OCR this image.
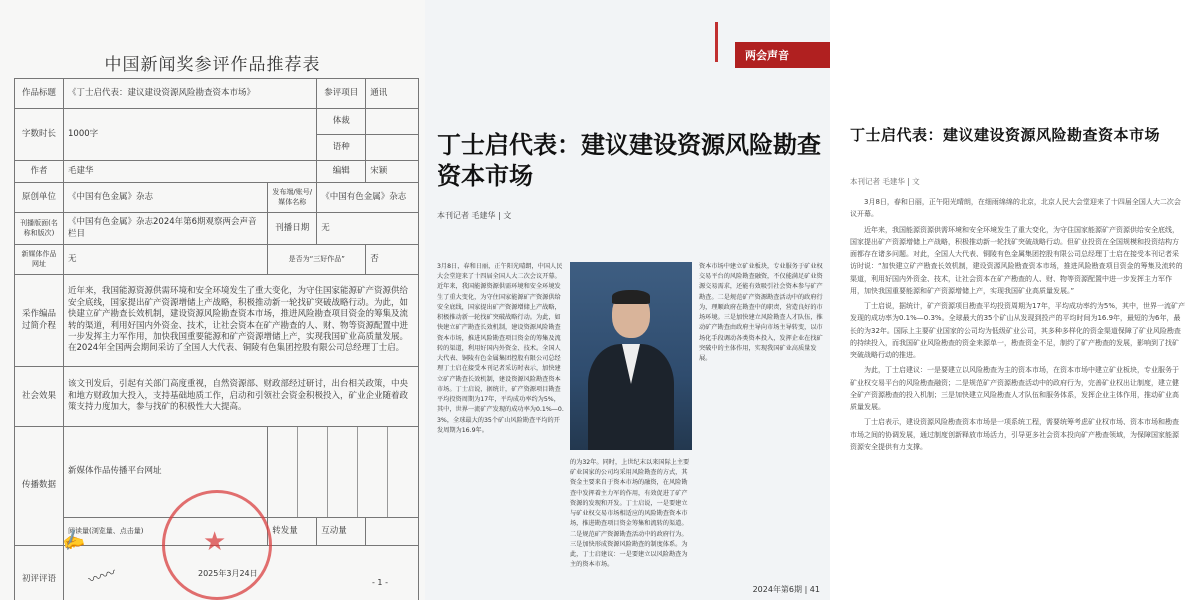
中国新闻奖参评作品推荐表
作品标题	《丁士启代表：建议建设资源风险勘查资本市场》		参评项目	通讯
字数时长	1000字		体裁	
			语种	
作者	毛建华		编辑	宋颖
原创单位	《中国有色金属》杂志	发布端/账号/媒体名称	《中国有色金属》杂志	
刊播版面(名称和版次)	《中国有色金属》杂志2024年第6期观察两会声音栏目	刊播日期	无	
新媒体作品网址	无	是否为“三好作品”		否
采作编品过简介程	近年来，我国能源资源供需环境和安全环境发生了重大变化，为守住国家能源矿产资源供给安全底线，国家提出矿产资源增储上产战略，积极推动新一轮找矿突破战略行动。为此，如快建立矿产勘查长效机制，建设资源风险勘查资本市场，推进风险勘查项目资金的筹集及流转的渠道，利用好国内外资金、技术，让社会资本在矿产勘查的人、财、物等资源配置中进一步发挥主力军作用，加快我国重要能源和矿产资源增储上产，实现我国矿业高质量发展。在2024年全国两会期间采访了全国人大代表、铜陵有色集团控股有限公司总经理丁士启。			
社会效果	该文刊发后，引起有关部门高度重视，自然资源部、财政部经过研讨，出台相关政策，中央和地方财政加大投入，支持基础地质工作，启动和引领社会资金积极投入，矿业企业随着政策支持力度加大，参与找矿的积极性大大提高。			
传播数据	新媒体作品传播平台网址			

	阅读量(浏览量、点击量)	转发量	互动量	
初评评语				
★
✍
〰〰	2025年3月24日
- 1 -
两会声音
丁士启代表：建议建设资源风险勘查资本市场
本刊记者 毛建华 | 文
3月8日，春和日丽，正午阳光晴朗，中国人民大会堂迎来了十四届全国人大二次会议开幕。近年来，我国能源资源供需环境和安全环境发生了重大变化，为守住国家能源矿产资源供给安全底线，国家提出矿产资源增储上产战略，积极推动新一轮找矿突破战略行动。为此，如快建立矿产勘查长效机制，建设资源风险勘查资本市场，推进风险勘查项目资金的筹集及流转的渠道，利用好国内外资金、技术。全国人大代表、铜陵有色金属集团控股有限公司总经理丁士启在接受本刊记者采访时表示，加快建立矿产勘查长效机制，建设资源风险勘查资本市场。丁士启说，据统计，矿产资源项目勘查平均投资周期为17年，平均成功率约为5%，其中，世界一流矿产发现的成功率为0.1%—0.3%，全球最大的35个矿山风险勘查平均的开发周期为16.9年。
的为32年。同时，上世纪末以来国际上主要矿业国家的公司均采用风险勘查的方式，其资金主要来自于资本市场的融资，在风险勘查中发挥着主力军的作用，有效促进了矿产资源的发现和开发。丁士启说，一是要建立与矿业权交易市场相适应的风险勘查资本市场，推进勘查项目资金筹集和流转的渠道。二是规范矿产资源勘查活动中的政府行为。三是加快形成资源风险勘查的制度体系。为此，丁士启建议：一是要建立以风险勘查为主的资本市场。
资本市场中建立矿业板块，专业服务于矿业权交易平台的风险勘查融资，不仅能满足矿业资源交易需求，还能有效吸引社会资本参与矿产勘查。二是规范矿产资源勘查活动中的政府行为，理顺政府在勘查中的职责，营造良好的市场环境。三是加快建立风险勘查人才队伍，推动矿产勘查由政府主导向市场主导转变，以市场化手段调动各类资本投入，发挥企业在找矿突破中的主体作用，实现我国矿业高质量发展。
2024年第6期 | 41
丁士启代表：建议建设资源风险勘查资本市场
本刊记者 毛建华 | 文

3月8日，春和日丽，正午阳光晴朗，在细雨绵绵的北京，北京人民大会堂迎来了十四届全国人大二次会议开幕。

近年来，我国能源资源供需环境和安全环境发生了重大变化，为守住国家能源矿产资源供给安全底线，国家提出矿产资源增储上产战略，积极推动新一轮找矿突破战略行动。但矿业投资在全国规模和投资结构方面都存在诸多问题。对此，全国人大代表、铜陵有色金属集团控股有限公司总经理丁士启在接受本刊记者采访时说：“加快建立矿产勘查长效机制，建设资源风险勘查资本市场，推进风险勘查项目资金的筹集及流转的渠道，利用好国内外资金、技术，让社会资本在矿产勘查的人、财、物等资源配置中进一步发挥主力军作用，加快我国重要能源和矿产资源增储上产，实现我国矿业高质量发展。”

丁士启说，据统计，矿产资源项目勘查平均投资周期为17年，平均成功率约为5%，其中，世界一流矿产发现的成功率为0.1%—0.3%。全球最大的35个矿山从发现到投产的平均时间为16.9年，最短的为6年，最长的为32年。国际上主要矿业国家的公司均为低级矿业公司，其多种多样化的资金渠道保障了矿业风险勘查的持续投入，而我国矿业风险勘查的资金来源单一，勘查资金不足，制约了矿产勘查的发展，影响到了找矿突破战略行动的推进。

为此，丁士启建议：一是要建立以风险勘查为主的资本市场，在资本市场中建立矿业板块，专业服务于矿业权交易平台的风险勘查融资；二是规范矿产资源勘查活动中的政府行为，完善矿业权出让制度，建立健全矿产资源勘查的投入机制；三是加快建立风险勘查人才队伍和服务体系，发挥企业主体作用，推动矿业高质量发展。

丁士启表示，建设资源风险勘查资本市场是一项系统工程，需要统筹考虑矿业权市场、资本市场和勘查市场之间的协调发展，通过制度创新释放市场活力，引导更多社会资本投向矿产勘查领域，为保障国家能源资源安全提供有力支撑。
